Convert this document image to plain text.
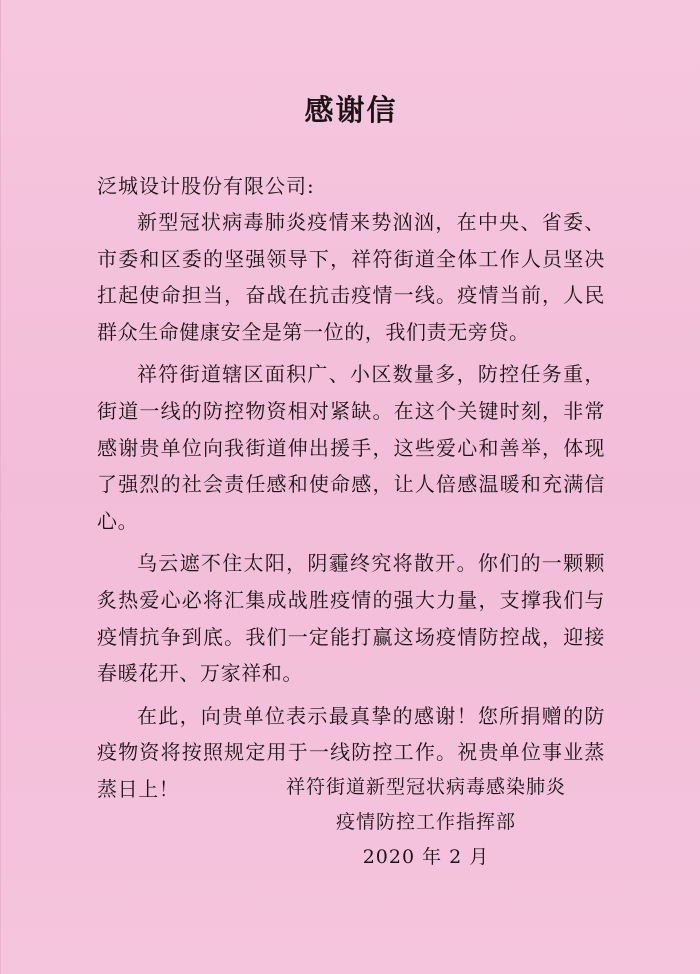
感谢信

泛城设计股份有限公司:

新型冠状病毒肺炎疫情来势汹汹，在中央、省委、市委和区委的坚强领导下，祥符街道全体工作人员坚决扛起使命担当，奋战在抗击疫情一线。疫情当前，人民群众生命健康安全是第一位的，我们责无旁贷。

祥符街道辖区面积广、小区数量多，防控任务重，街道一线的防控物资相对紧缺。在这个关键时刻，非常感谢贵单位向我街道伸出援手，这些爱心和善举，体现了强烈的社会责任感和使命感，让人倍感温暖和充满信心。

乌云遮不住太阳，阴霾终究将散开。你们的一颗颗炙热爱心必将汇集成战胜疫情的强大力量，支撑我们与疫情抗争到底。我们一定能打赢这场疫情防控战，迎接春暖花开、万家祥和。

在此，向贵单位表示最真挚的感谢！您所捐赠的防疫物资将按照规定用于一线防控工作。祝贵单位事业蒸蒸日上！	祥符街道新型冠状病毒感染肺炎
疫情防控工作指挥部
2020 年 2 月
